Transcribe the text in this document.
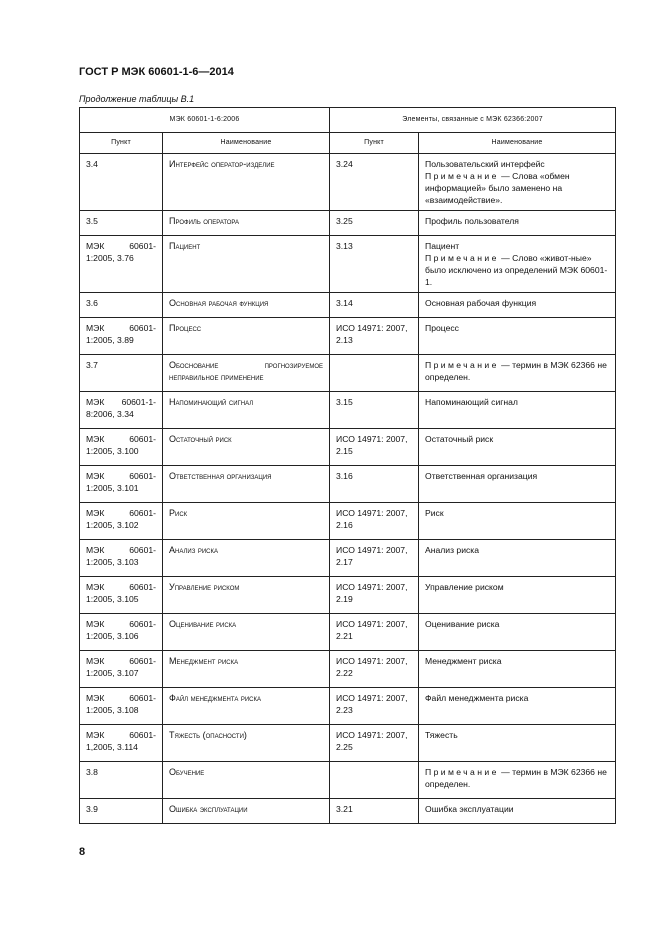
ГОСТ Р МЭК 60601-1-6—2014
Продолжение таблицы В.1
МЭК 60601-1-6:2006		Элементы, связанные с МЭК 62366:2007	
Пункт	Наименование	Пункт	Наименование
3.4	Интерфейс оператор-изделие	3.24	Пользовательский интерфейс
Примечание — Слова «обмен информацией» было заменено на «взаимодействие».

3.5	Профиль оператора	3.25	Профиль пользователя

МЭК 60601-1:2005, 3.76	Пациент	3.13	Пациент
Примечание — Слово «живот-ные» было исключено из определений МЭК 60601-1.

3.6	Основная рабочая функция	3.14	Основная рабочая функция

МЭК 60601-1:2005, 3.89	Процесс	ИСО 14971: 2007, 2.13	Процесс

3.7	Обоснование прогнозируемое неправильное применение		Примечание — термин в МЭК 62366 не определен.

МЭК 60601-1-8:2006, 3.34	Напоминающий сигнал	3.15	Напоминающий сигнал

МЭК 60601-1:2005, 3.100	Остаточный риск	ИСО 14971: 2007, 2.15	Остаточный риск

МЭК 60601-1:2005, 3.101	Ответственная организация	3.16	Ответственная организация

МЭК 60601-1:2005, 3.102	Риск	ИСО 14971: 2007, 2.16	Риск

МЭК 60601-1:2005, 3.103	Анализ риска	ИСО 14971: 2007, 2.17	Анализ риска

МЭК 60601-1:2005, 3.105	Управление риском	ИСО 14971: 2007, 2.19	Управление риском

МЭК 60601-1:2005, 3.106	Оценивание риска	ИСО 14971: 2007, 2.21	Оценивание риска

МЭК 60601-1:2005, 3.107	Менеджмент риска	ИСО 14971: 2007, 2.22	Менеджмент риска

МЭК 60601-1:2005, 3.108	Файл менеджмента риска	ИСО 14971: 2007, 2.23	Файл менеджмента риска

МЭК 60601-1,2005, 3.114	Тяжесть (опасности)	ИСО 14971: 2007, 2.25	Тяжесть

3.8	Обучение		Примечание — термин в МЭК 62366 не определен.

3.9	Ошибка эксплуатации	3.21	Ошибка эксплуатации
8
